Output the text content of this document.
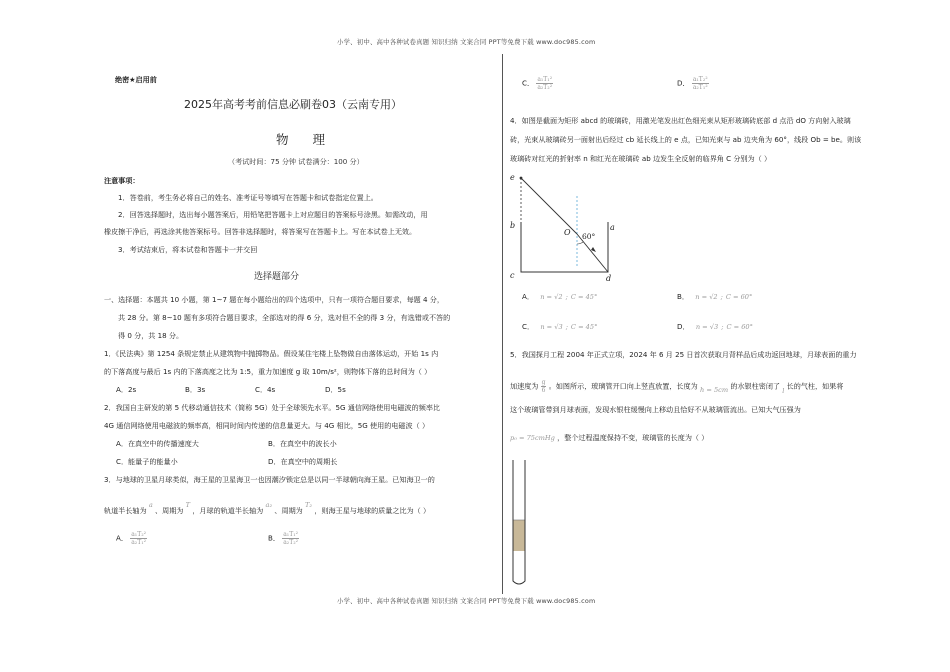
小学、初中、高中各种试卷真题 知识归纳 文案合同 PPT等免费下载 www.doc985.com
小学、初中、高中各种试卷真题 知识归纳 文案合同 PPT等免费下载 www.doc985.com
绝密★启用前
2025年高考考前信息必刷卷03（云南专用）
物 理
（考试时间：75 分钟 试卷满分：100 分）
注意事项：
1．答卷前，考生务必将自己的姓名、准考证号等填写在答题卡和试卷指定位置上。
2．回答选择题时，选出每小题答案后，用铅笔把答题卡上对应题目的答案标号涂黑。如需改动，用
橡皮擦干净后，再选涂其他答案标号。回答非选择题时，将答案写在答题卡上。写在本试卷上无效。
3．考试结束后，将本试卷和答题卡一并交回
选择题部分
一、选择题：本题共 10 小题，第 1~7 题在每小题给出的四个选项中，只有一项符合题目要求，每题 4 分，
共 28 分。第 8~10 题有多项符合题目要求，全部选对的得 6 分，选对但不全的得 3 分，有选错或不答的
得 0 分，共 18 分。
1．《民法典》第 1254 条规定禁止从建筑物中抛掷物品。假设某住宅楼上坠物做自由落体运动，开始 1s 内
的下落高度与最后 1s 内的下落高度之比为 1:5，重力加速度 g 取 10m/s²，则物体下落的总时间为（ ）
A．2s	B．3s	C．4s	D．5s
2．我国自主研发的第 5 代移动通信技术（简称 5G）处于全球领先水平。5G 通信网络使用电磁波的频率比
4G 通信网络使用电磁波的频率高，相同时间内传递的信息量更大。与 4G 相比，5G 使用的电磁波（ ）
A．在真空中的传播速度大	B．在真空中的波长小
C．能量子的能量小	D．在真空中的周期长
3．与地球的卫星月球类似，海王星的卫星海卫一也因潮汐锁定总是以同一半球朝向海王星。已知海卫一的
轨道半长轴为 a 、周期为 T ，月球的轨道半长轴为 a₂ 、周期为 T₂ ，则海王星与地球的质量之比为（ ）
A． $\frac{\text{a₁T₂²}}{\text{a₂T₁²}}$	B． $\frac{\text{a₁T₁²}}{\text{a₂T₂²}}$
C． $\frac{\text{a₁T₁²}}{\text{a₂T₂²}}$	D． $\frac{\text{a₁T₂²}}{\text{a₂T₁²}}$
4．如图是截面为矩形 abcd 的玻璃砖，用激光笔发出红色细光束从矩形玻璃砖底部 d 点沿 dO 方向射入玻璃
砖，光束从玻璃砖另一面射出后经过 cb 延长线上的 e 点，已知光束与 ab 边夹角为 60°，线段 Ob = be。则该
玻璃砖对红光的折射率 n 和红光在玻璃砖 ab 边发生全反射的临界角 C 分别为（ ）
e
b
c
O
a
d
60°
A． n = √2 ; C = 45°	B． n = √2 ; C = 60°
C． n = √3 ; C = 45°	D． n = √3 ; C = 60°
5．我国探月工程 2004 年正式立项，2024 年 6 月 25 日首次获取月背样品后成功返回地球，月球表面的重力
加速度为 $\frac{g}{6}$ 。如图所示，玻璃管开口向上竖直放置，长度为 h = 5cm 的水银柱密闭了 l 长的气柱，如果将
这个玻璃管带到月球表面，发现水银柱缓慢向上移动且恰好不从玻璃管流出。已知大气压强为
p₀ = 75cmHg ，整个过程温度保持不变，玻璃管的长度为（ ）
